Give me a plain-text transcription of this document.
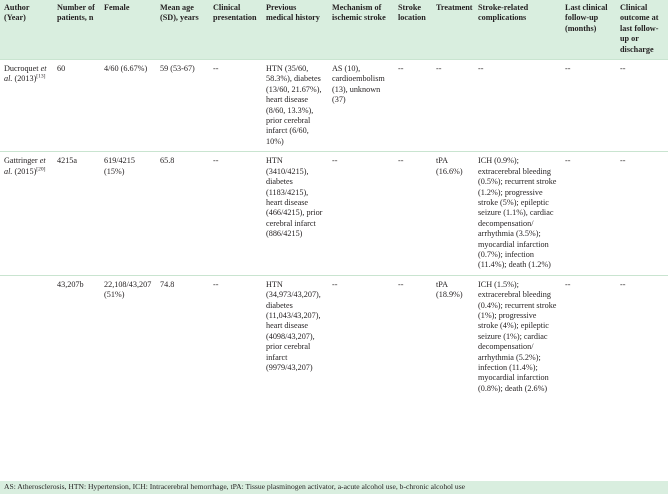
Author (Year)	Number of patients, n	Female	Mean age (SD), years	Clinical presentation	Previous medical history	Mechanism of ischemic stroke	Stroke location	Treatment	Stroke-related complications	Last clinical follow-up (months)	Clinical outcome at last follow-up or discharge
Ducroquet et al. (2013)[13]	60	4/60 (6.67%)	59 (53-67)	--	HTN (35/60, 58.3%), diabetes (13/60, 21.67%), heart disease (8/60, 13.3%), prior cerebral infarct (6/60, 10%)	AS (10), cardioembolism (13), unknown (37)	--	--	--	--	--
Gattringer et al. (2015)[20]	4215a	619/4215 (15%)	65.8	--	HTN (3410/4215), diabetes (1183/4215), heart disease (466/4215), prior cerebral infarct (886/4215)	--	--	tPA (16.6%)	ICH (0.9%); extracerebral bleeding (0.5%); recurrent stroke (1.2%); progressive stroke (5%); epileptic seizure (1.1%), cardiac decompensation/ arrhythmia (3.5%); myocardial infarction (0.7%); infection (11.4%); death (1.2%)	--	--
	43,207b	22,108/43,207 (51%)	74.8	--	HTN (34,973/43,207), diabetes (11,043/43,207), heart disease (4098/43,207), prior cerebral infarct (9979/43,207)	--	--	tPA (18.9%)	ICH (1.5%); extracerebral bleeding (0.4%); recurrent stroke (1%); progressive stroke (4%); epileptic seizure (1%); cardiac decompensation/ arrhythmia (5.2%); infection (11.4%); myocardial infarction (0.8%); death (2.6%)	--	--
AS: Atherosclerosis, HTN: Hypertension, ICH: Intracerebral hemorrhage, tPA: Tissue plasminogen activator, a-acute alcohol use, b-chronic alcohol use											
